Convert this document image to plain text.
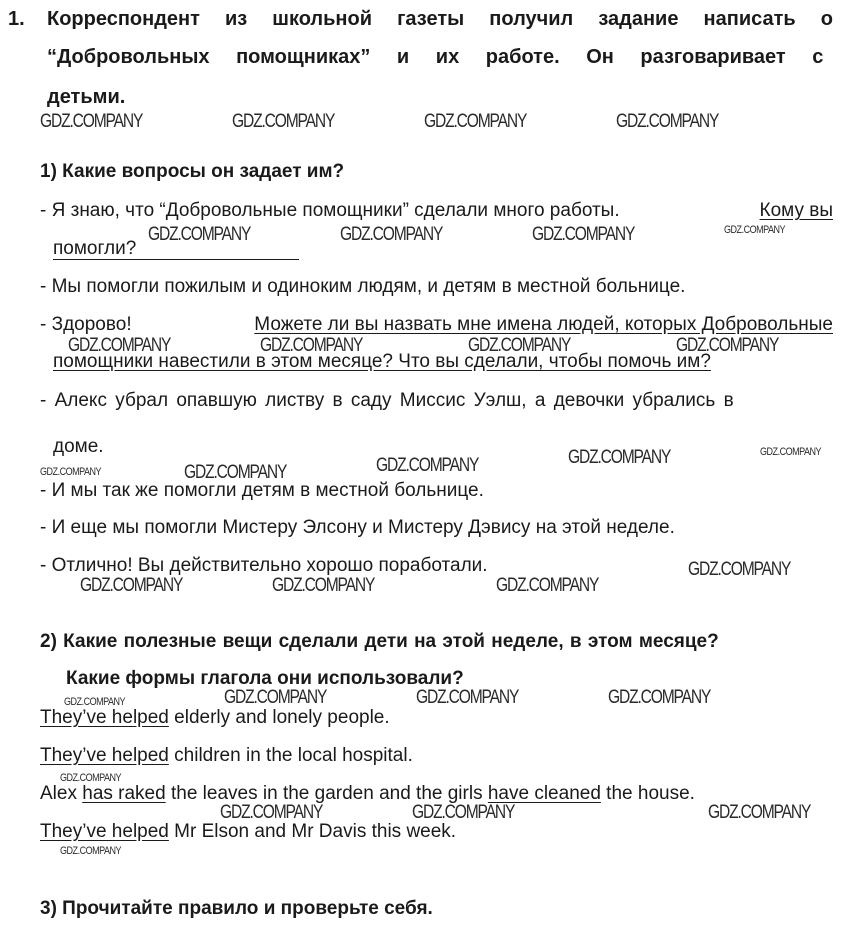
1. Корреспондент из школьной газеты получил задание написать о
“Добровольных помощниках” и их работе. Он разговаривает с
детьми.
1) Какие вопросы он задает им?
- Я знаю, что “Добровольные помощники” сделали много работы.	Кому вы
помогли?
- Мы помогли пожилым и одиноким людям, и детям в местной больнице.
- Здорово!	Можете ли вы назвать мне имена людей, которых Добровольные
помощники навестили в этом месяце? Что вы сделали, чтобы помочь им?
- Алекс убрал опавшую листву в саду Миссис Уэлш, а девочки убрались в
доме.
- И мы так же помогли детям в местной больнице.
- И еще мы помогли Мистеру Элсону и Мистеру Дэвису на этой неделе.
- Отлично! Вы действительно хорошо поработали.
2) Какие полезные вещи сделали дети на этой неделе, в этом месяце?
Какие формы глагола они использовали?
They’ve helped elderly and lonely people.
They’ve helped children in the local hospital.
Alex has raked the leaves in the garden and the girls have cleaned the house.
They’ve helped Mr Elson and Mr Davis this week.
3) Прочитайте правило и проверьте себя.
GDZ.COMPANY	GDZ.COMPANY	GDZ.COMPANY	GDZ.COMPANY
GDZ.COMPANY	GDZ.COMPANY	GDZ.COMPANY	GDZ.COMPANY
GDZ.COMPANY	GDZ.COMPANY	GDZ.COMPANY	GDZ.COMPANY
GDZ.COMPANY	GDZ.COMPANY	GDZ.COMPANY	GDZ.COMPANY	GDZ.COMPANY
GDZ.COMPANY	GDZ.COMPANY	GDZ.COMPANY
GDZ.COMPANY
GDZ.COMPANY	GDZ.COMPANY	GDZ.COMPANY	GDZ.COMPANY
GDZ.COMPANY
GDZ.COMPANY	GDZ.COMPANY	GDZ.COMPANY
GDZ.COMPANY
